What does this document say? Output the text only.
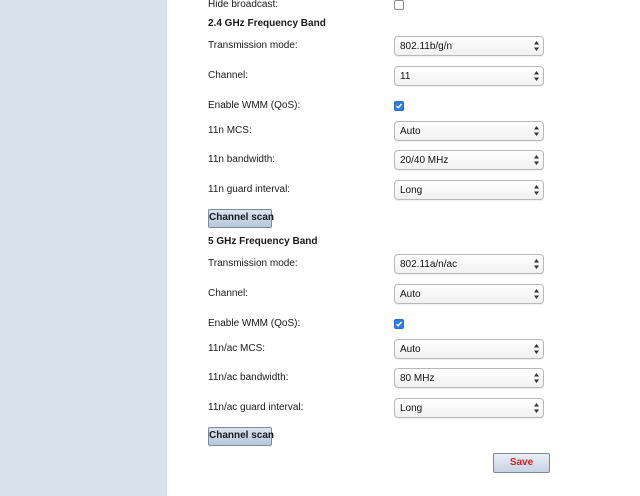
Hide broadcast:
2.4 GHz Frequency Band
Transmission mode:	802.11b/g/n
Channel:	11
Enable WMM (QoS):
11n MCS:	Auto
11n bandwidth:	20/40 MHz
11n guard interval:	Long
Channel scan
5 GHz Frequency Band
Transmission mode:	802.11a/n/ac
Channel:	Auto
Enable WMM (QoS):
11n/ac MCS:	Auto
11n/ac bandwidth:	80 MHz
11n/ac guard interval:	Long
Channel scan
Save
